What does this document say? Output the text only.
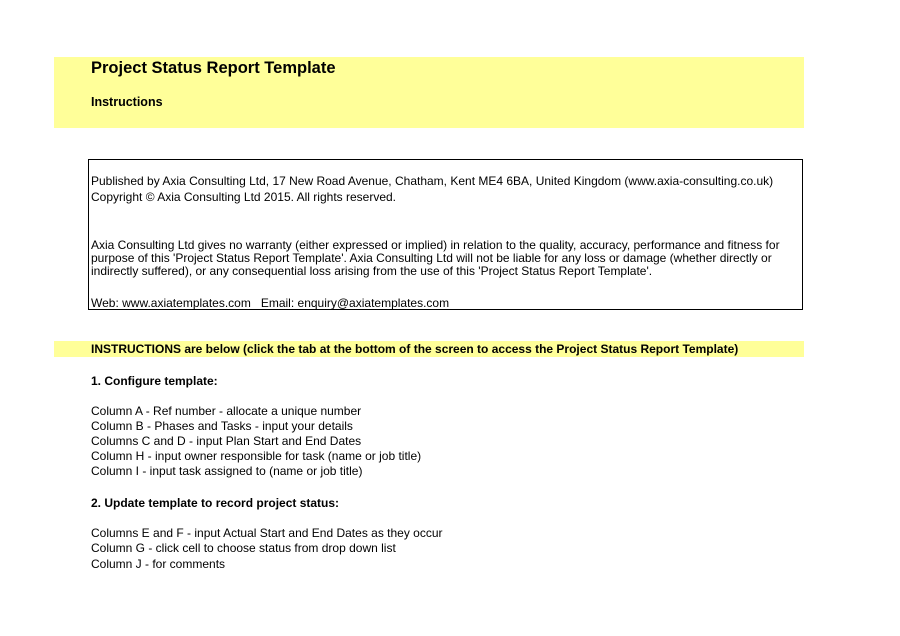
Project Status Report Template
Instructions
Published by Axia Consulting Ltd, 17 New Road Avenue, Chatham, Kent ME4 6BA, United Kingdom (www.axia-consulting.co.uk)
Copyright © Axia Consulting Ltd 2015. All rights reserved.
Axia Consulting Ltd gives no warranty (either expressed or implied) in relation to the quality, accuracy, performance and fitness for purpose of this 'Project Status Report Template'. Axia Consulting Ltd will not be liable for any loss or damage (whether directly or indirectly suffered), or any consequential loss arising from the use of this 'Project Status Report Template'.
Web: www.axiatemplates.com   Email: enquiry@axiatemplates.com
INSTRUCTIONS are below (click the tab at the bottom of the screen to access the Project Status Report Template)
1. Configure template:
Column A - Ref number - allocate a unique number
Column B - Phases and Tasks - input your details
Columns C and D - input Plan Start and End Dates
Column H - input owner responsible for task (name or job title)
Column I - input task assigned to (name or job title)
2. Update template to record project status:
Columns E and F - input Actual Start and End Dates as they occur
Column G - click cell to choose status from drop down list
Column J - for comments
